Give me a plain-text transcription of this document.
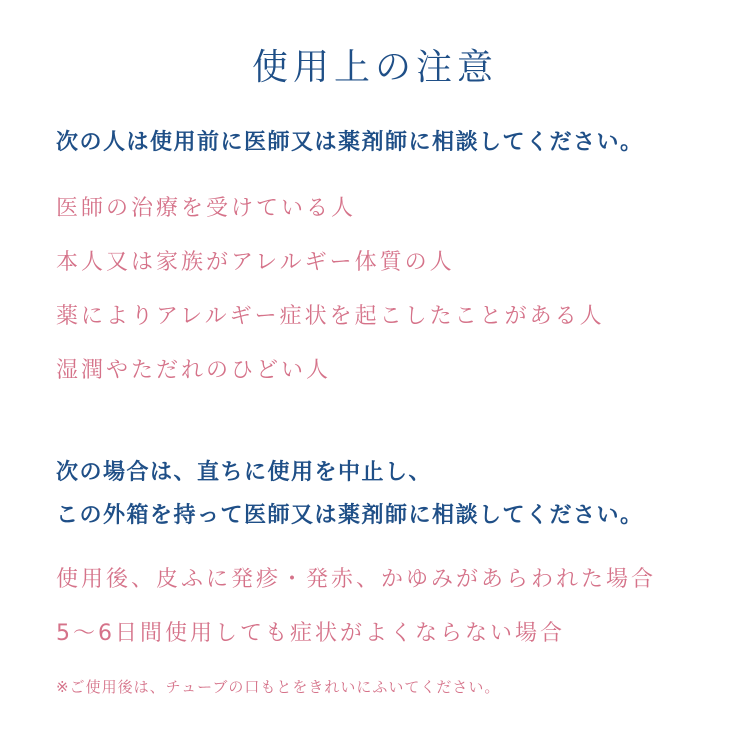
使用上の注意
次の人は使用前に医師又は薬剤師に相談してください。
医師の治療を受けている人
本人又は家族がアレルギー体質の人
薬によりアレルギー症状を起こしたことがある人
湿潤やただれのひどい人
次の場合は、直ちに使用を中止し、
この外箱を持って医師又は薬剤師に相談してください。
使用後、皮ふに発疹・発赤、かゆみがあらわれた場合
5〜6日間使用しても症状がよくならない場合
※ご使用後は、チューブの口もとをきれいにふいてください。
